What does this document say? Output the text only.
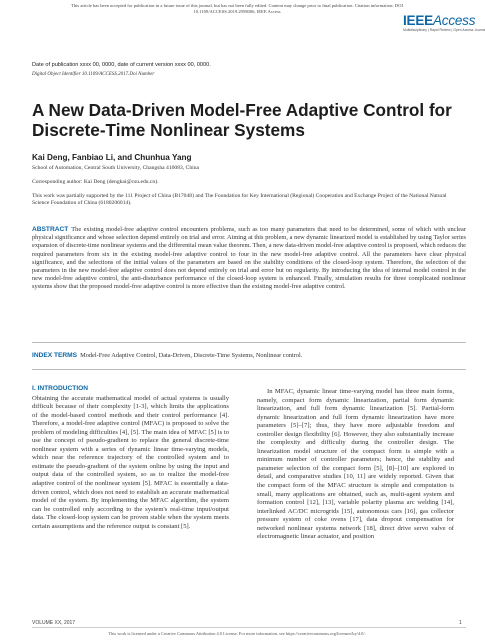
This article has been accepted for publication in a future issue of this journal, but has not been fully edited. Content may change prior to final publication. Citation information: DOI
10.1109/ACCESS.2019.2958006, IEEE Access
IEEEAccess
Multidisciplinary | Rapid Review | Open Access Journal
Date of publication xxxx 00, 0000, date of current version xxxx 00, 0000.
Digital Object Identifier 10.1109/ACCESS.2017.Doi Number
A New Data-Driven Model-Free Adaptive Control for Discrete-Time Nonlinear Systems
Kai Deng, Fanbiao Li, and Chunhua Yang
School of Automation, Central South University, Changsha 410083, China
Corresponding author: Kai Deng (dengkai@csu.edu.cn).
This work was partially supported by the 111 Project of China (B17048) and The Foundation for Key International (Regional) Cooperation and Exchange Project of the National Natural Science Foundation of China (6180206014).
ABSTRACT The existing model-free adaptive control encounters problems, such as too many parameters that need to be determined, some of which with unclear physical significance and whose selection depend entirely on trial and error. Aiming at this problem, a new dynamic linearized model is established by using Taylor series expansion of discrete-time nonlinear systems and the differential mean value theorem. Then, a new data-driven model-free adaptive control is proposed, which reduces the required parameters from six in the existing model-free adaptive control to four in the new model-free adaptive control. All the parameters have clear physical significance, and the selections of the initial values of the parameters are based on the stability conditions of the closed-loop system. Therefore, the selection of the parameters in the new model-free adaptive control does not depend entirely on trial and error but on regularity. By introducing the idea of internal model control in the new model-free adaptive control, the anti-disturbance performance of the closed-loop system is enhanced. Finally, simulation results for three complicated nonlinear systems show that the proposed model-free adaptive control is more effective than the existing model-free adaptive control.
INDEX TERMS Model-Free Adaptive Control, Data-Driven, Discrete-Time Systems, Nonlinear control.
I. INTRODUCTION
Obtaining the accurate mathematical model of actual systems is usually difficult because of their complexity [1-3], which limits the applications of the model-based control methods and their control performance [4]. Therefore, a model-free adaptive control (MFAC) is proposed to solve the problem of modeling difficulties [4], [5]. The main idea of MFAC [5] is to use the concept of pseudo-gradient to replace the general discrete-time nonlinear system with a series of dynamic linear time-varying models, which near the reference trajectory of the controlled system and to estimate the pseudo-gradient of the system online by using the input and output data of the controlled system, so as to realize the model-free adaptive control of the nonlinear system [5]. MFAC is essentially a data-driven control, which does not need to establish an accurate mathematical model of the system. By implementing the MFAC algorithm, the system can be controlled only according to the system's real-time input/output data. The closed-loop system can be proven stable when the system meets certain assumptions and the reference output is constant [5].
In MFAC, dynamic linear time-varying model has three main forms, namely, compact form dynamic linearization, partial form dynamic linearization, and full form dynamic linearization [5]. Partial-form dynamic linearization and full form dynamic linearization have more parameters [5]–[7]; thus, they have more adjustable freedom and controller design flexibility [6]. However, they also substantially increase the complexity and difficulty during the controller design. The linearization model structure of the compact form is simple with a minimum number of controller parameters; hence, the stability and parameter selection of the compact form [5], [8]–[10] are explored in detail, and comparative studies [10, 11] are widely reported. Given that the compact form of the MFAC structure is simple and computation is small, many applications are obtained, such as, multi-agent system and formation control [12], [13], variable polarity plasma arc welding [14], interlinked AC/DC microgrids [15], autonomous cars [16], gas collector pressure system of coke ovens [17], data dropout compensation for networked nonlinear systems network [18], direct drive servo valve of electromagnetic linear actuator, and position
VOLUME XX, 2017	1
This work is licensed under a Creative Commons Attribution 4.0 License. For more information, see https://creativecommons.org/licenses/by/4.0/.
